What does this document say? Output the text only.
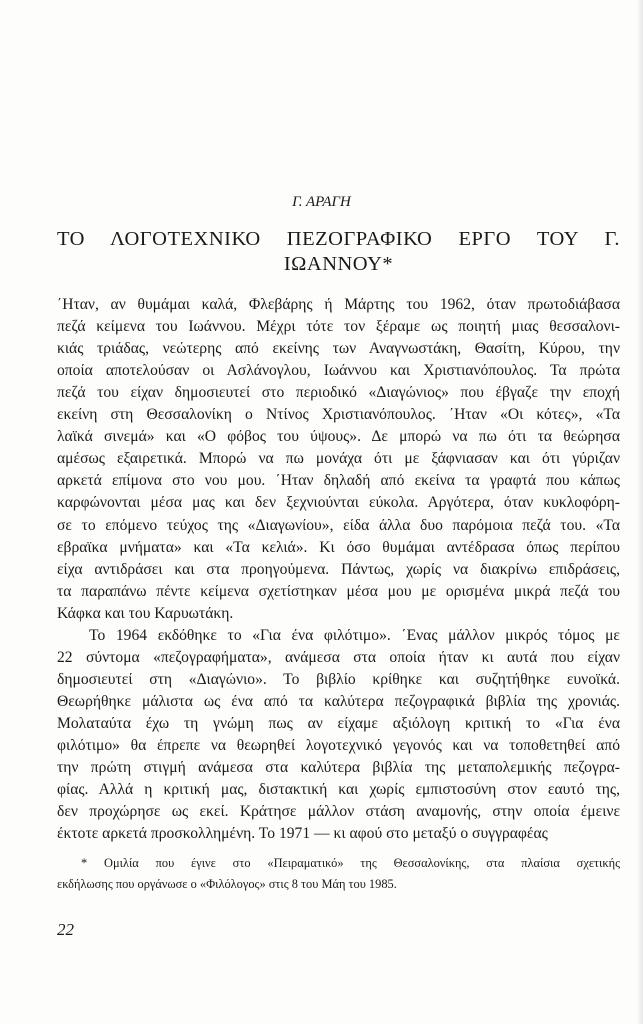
Γ. ΑΡΑΓΗ
ΤΟ ΛΟΓΟΤΕΧΝΙΚΟ ΠΕΖΟΓΡΑΦΙΚΟ ΕΡΓΟ ΤΟΥ Γ.
ΙΩΑΝΝΟΥ*
΄Ηταν, αν θυμάμαι καλά, Φλεβάρης ή Μάρτης του 1962, όταν πρωτοδιάβασα
πεζά κείμενα του Ιωάννου. Μέχρι τότε τον ξέραμε ως ποιητή μιας θεσσαλονι-
κιάς τριάδας, νεώτερης από εκείνης των Αναγνωστάκη, Θασίτη, Κύρου, την
οποία αποτελούσαν οι Ασλάνογλου, Ιωάννου και Χριστιανόπουλος. Τα πρώτα
πεζά του είχαν δημοσιευτεί στο περιοδικό «Διαγώνιος» που έβγαζε την εποχή
εκείνη στη Θεσσαλονίκη ο Ντίνος Χριστιανόπουλος. ΄Ηταν «Οι κότες», «Τα
λαϊκά σινεμά» και «Ο φόβος του ύψους». Δε μπορώ να πω ότι τα θεώρησα
αμέσως εξαιρετικά. Μπορώ να πω μονάχα ότι με ξάφνιασαν και ότι γύριζαν
αρκετά επίμονα στο νου μου. ΄Ηταν δηλαδή από εκείνα τα γραφτά που κάπως
καρφώνονται μέσα μας και δεν ξεχνιούνται εύκολα. Αργότερα, όταν κυκλοφόρη-
σε το επόμενο τεύχος της «Διαγωνίου», είδα άλλα δυο παρόμοια πεζά του. «Τα
εβραϊκα μνήματα» και «Τα κελιά». Κι όσο θυμάμαι αντέδρασα όπως περίπου
είχα αντιδράσει και στα προηγούμενα. Πάντως, χωρίς να διακρίνω επιδράσεις,
τα παραπάνω πέντε κείμενα σχετίστηκαν μέσα μου με ορισμένα μικρά πεζά του
Κάφκα και του Καρυωτάκη.
Το 1964 εκδόθηκε το «Για ένα φιλότιμο». ΄Ενας μάλλον μικρός τόμος με
22 σύντομα «πεζογραφήματα», ανάμεσα στα οποία ήταν κι αυτά που είχαν
δημοσιευτεί στη «Διαγώνιο». Το βιβλίο κρίθηκε και συζητήθηκε ευνοϊκά.
Θεωρήθηκε μάλιστα ως ένα από τα καλύτερα πεζογραφικά βιβλία της χρονιάς.
Μολαταύτα έχω τη γνώμη πως αν είχαμε αξιόλογη κριτική το «Για ένα
φιλότιμο» θα έπρεπε να θεωρηθεί λογοτεχνικό γεγονός και να τοποθετηθεί από
την πρώτη στιγμή ανάμεσα στα καλύτερα βιβλία της μεταπολεμικής πεζογρα-
φίας. Αλλά η κριτική μας, διστακτική και χωρίς εμπιστοσύνη στον εαυτό της,
δεν προχώρησε ως εκεί. Κράτησε μάλλον στάση αναμονής, στην οποία έμεινε
έκτοτε αρκετά προσκολλημένη. Το 1971 — κι αφού στο μεταξύ ο συγγραφέας
* Ομιλία που έγινε στο «Πειραματικό» της Θεσσαλονίκης, στα πλαίσια σχετικής
εκδήλωσης που οργάνωσε ο «Φιλόλογος» στις 8 του Μάη του 1985.
22
